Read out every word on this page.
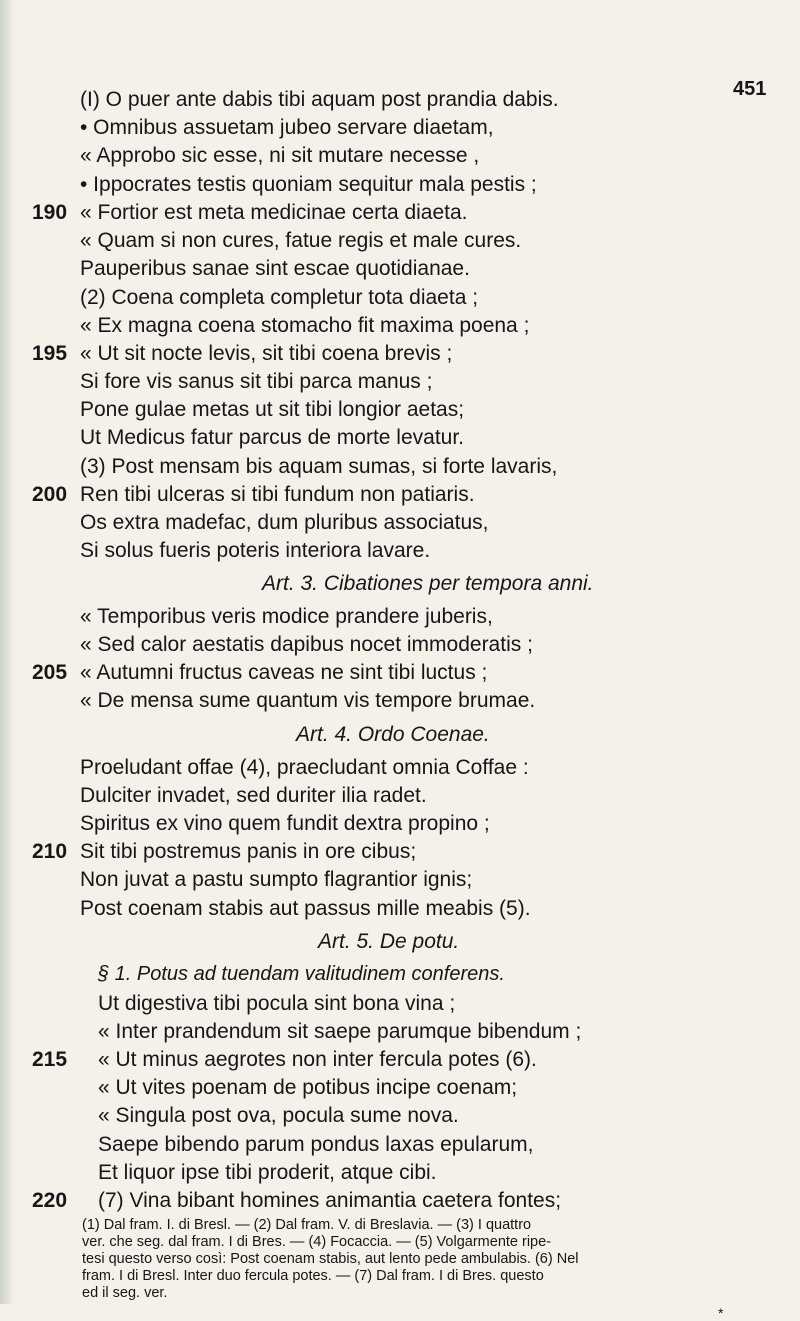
451
(I) O puer ante dabis tibi aquam post prandia dabis.
• Omnibus assuetam jubeo servare diaetam,
« Approbo sic esse, ni sit mutare necesse ,
• Ippocrates testis quoniam sequitur mala pestis ;
« Fortior est meta medicinae certa diaeta.
« Quam si non cures, fatue regis et male cures.
Pauperibus sanae sint escae quotidianae.
(2) Coena completa completur tota diaeta ;
« Ex magna coena stomacho fit maxima poena ;
« Ut sit nocte levis, sit tibi coena brevis ;
Si fore vis sanus sit tibi parca manus ;
Pone gulae metas ut sit tibi longior aetas;
Ut Medicus fatur parcus de morte levatur.
(3) Post mensam bis aquam sumas, si forte lavaris,
Ren tibi ulceras si tibi fundum non patiaris.
Os extra madefac, dum pluribus associatus,
Si solus fueris poteris interiora lavare.
Art. 3. Cibationes per tempora anni.
« Temporibus veris modice prandere juberis,
« Sed calor aestatis dapibus nocet immoderatis ;
« Autumni fructus caveas ne sint tibi luctus ;
« De mensa sume quantum vis tempore brumae.
Art. 4. Ordo Coenae.
Proeludant offae (4), praecludant omnia Coffae :
Dulciter invadet, sed duriter ilia radet.
Spiritus ex vino quem fundit dextra propino ;
Sit tibi postremus panis in ore cibus;
Non juvat a pastu sumpto flagrantior ignis;
Post coenam stabis aut passus mille meabis (5).
Art. 5. De potu.
§ 1. Potus ad tuendam valitudinem conferens.
Ut digestiva tibi pocula sint bona vina ;
« Inter prandendum sit saepe parumque bibendum ;
« Ut minus aegrotes non inter fercula potes (6).
« Ut vites poenam de potibus incipe coenam;
« Singula post ova, pocula sume nova.
Saepe bibendo parum pondus laxas epularum,
Et liquor ipse tibi proderit, atque cibi.
(7) Vina bibant homines animantia caetera fontes;
190
195
200
205
210
215
220
(1) Dal fram. I. di Bresl. — (2) Dal fram. V. di Breslavia. — (3) I quattro
ver. che seg. dal fram. I di Bres. — (4) Focaccia. — (5) Volgarmente ripe-
tesi questo verso così: Post coenam stabis, aut lento pede ambulabis. (6) Nel
fram. I di Bresl. Inter duo fercula potes. — (7) Dal fram. I di Bres. questo
ed il seg. ver.
*
